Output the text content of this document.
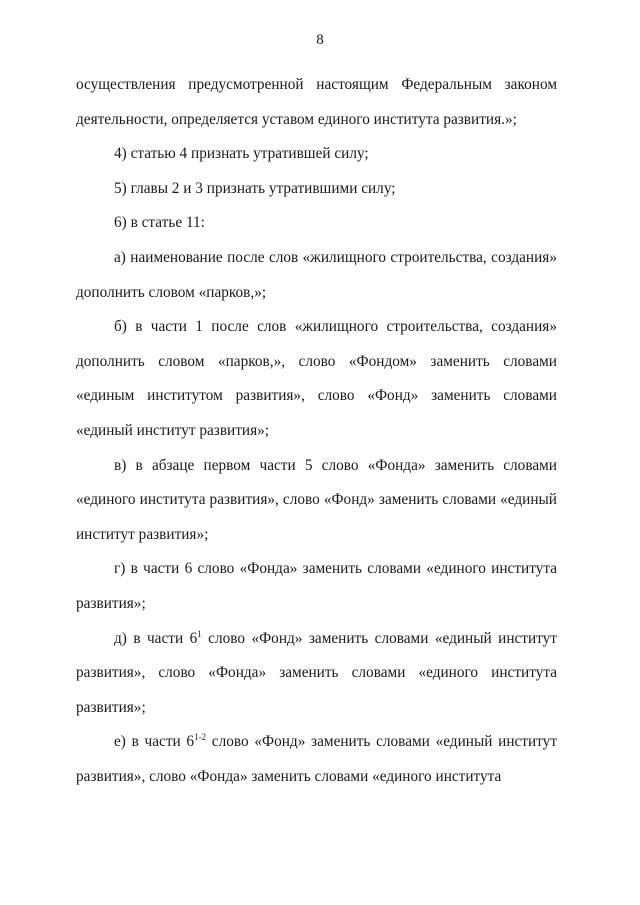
8

осуществления предусмотренной настоящим Федеральным законом деятельности, определяется уставом единого института развития.»;

4) статью 4 признать утратившей силу;

5) главы 2 и 3 признать утратившими силу;

6) в статье 11:

а) наименование после слов «жилищного строительства, создания» дополнить словом «парков,»;

б) в части 1 после слов «жилищного строительства, создания» дополнить словом «парков,», слово «Фондом» заменить словами «единым институтом развития», слово «Фонд» заменить словами «единый институт развития»;

в) в абзаце первом части 5 слово «Фонда» заменить словами «единого института развития», слово «Фонд» заменить словами «единый институт развития»;

г) в части 6 слово «Фонда» заменить словами «единого института развития»;

д) в части $6^1$ слово «Фонд» заменить словами «единый институт развития», слово «Фонда» заменить словами «единого института развития»;

е) в части 6$^{1-2}$ слово «Фонд» заменить словами «единый институт развития», слово «Фонда» заменить словами «единого института
